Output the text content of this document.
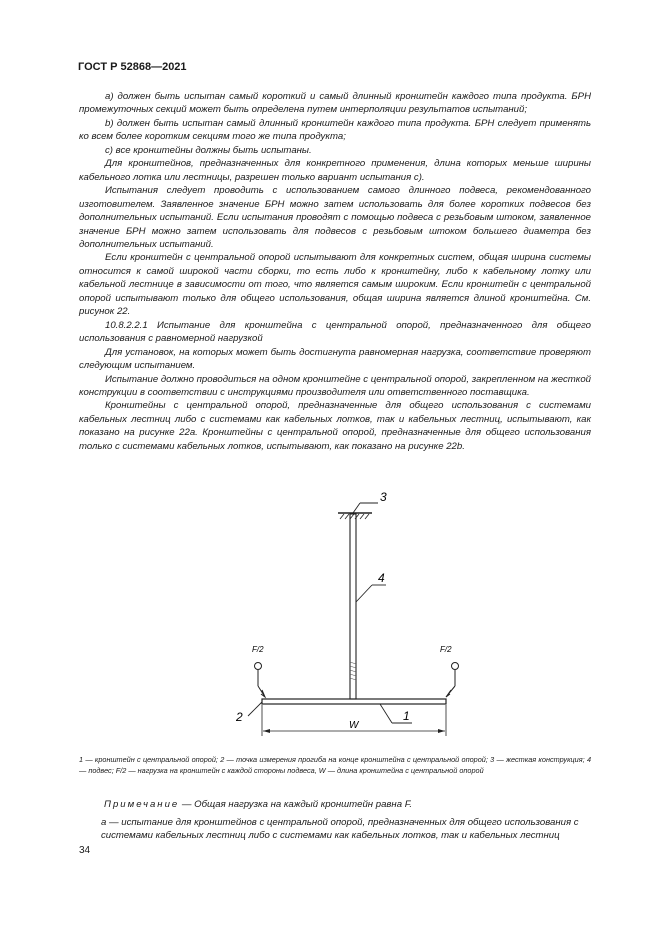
ГОСТ Р 52868—2021

а) должен быть испытан самый короткий и самый длинный кронштейн каждого типа продукта. БРН промежуточных секций может быть определена путем интерполяции результатов испытаний;

b) должен быть испытан самый длинный кронштейн каждого типа продукта. БРН следует применять ко всем более коротким секциям того же типа продукта;

с) все кронштейны должны быть испытаны.

Для кронштейнов, предназначенных для конкретного применения, длина которых меньше ширины кабельного лотка или лестницы, разрешен только вариант испытания с).

Испытания следует проводить с использованием самого длинного подвеса, рекомендованного изготовителем. Заявленное значение БРН можно затем использовать для более коротких подвесов без дополнительных испытаний. Если испытания проводят с помощью подвеса с резьбовым штоком, заявленное значение БРН можно затем использовать для подвесов с резьбовым штоком большего диаметра без дополнительных испытаний.

Если кронштейн с центральной опорой испытывают для конкретных систем, общая ширина системы относится к самой широкой части сборки, то есть либо к кронштейну, либо к кабельному лотку или кабельной лестнице в зависимости от того, что является самым широким. Если кронштейн с центральной опорой испытывают только для общего использования, общая ширина является длиной кронштейна. См. рисунок 22.

10.8.2.2.1 Испытание для кронштейна с центральной опорой, предназначенного для общего использования с равномерной нагрузкой

Для установок, на которых может быть достигнута равномерная нагрузка, соответствие проверяют следующим испытанием.

Испытание должно проводиться на одном кронштейне с центральной опорой, закрепленном на жесткой конструкции в соответствии с инструкциями производителя или ответственного поставщика.

Кронштейны с центральной опорой, предназначенные для общего использования с системами кабельных лестниц либо с системами как кабельных лотков, так и кабельных лестниц, испытывают, как показано на рисунке 22а. Кронштейны с центральной опорой, предназначенные для общего использования только с системами кабельных лотков, испытывают, как показано на рисунке 22b.

3
4
2	1
F/2	F/2
W
1 — кронштейн с центральной опорой; 2 — точка измерения прогиба на конце кронштейна с центральной опорой; 3 — жесткая конструкция; 4 — подвес; F/2 — нагрузка на кронштейн с каждой стороны подвеса, W — длина кронштейна с центральной опорой
Примечание — Общая нагрузка на каждый кронштейн равна F.
а — испытание для кронштейнов с центральной опорой, предназначенных для общего использования с системами кабельных лестниц либо с системами как кабельных лотков, так и кабельных лестниц
34
